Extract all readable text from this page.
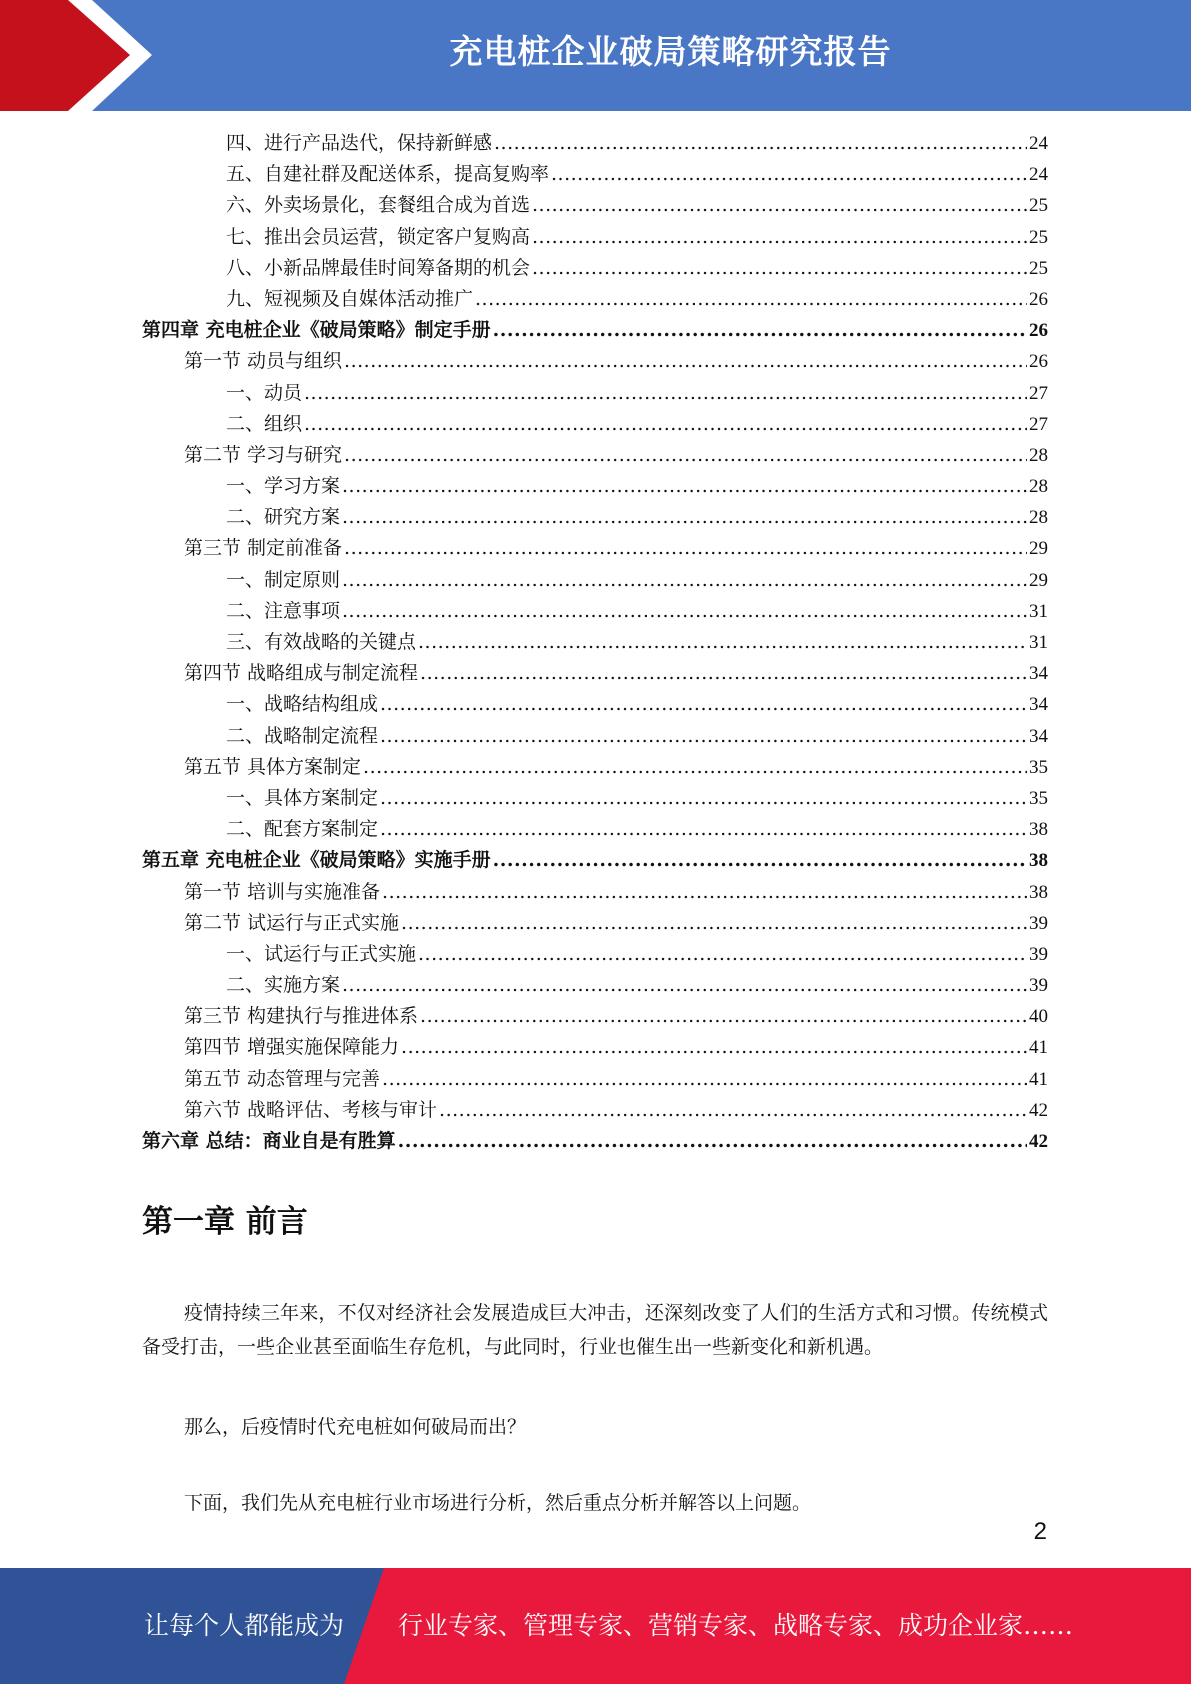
充电桩企业破局策略研究报告
四、进行产品迭代，保持新鲜感 .....	24
五、自建社群及配送体系，提高复购率 .....	24
六、外卖场景化，套餐组合成为首选 .....	25
七、推出会员运营，锁定客户复购高 .....	25
八、小新品牌最佳时间筹备期的机会 .....	25
九、短视频及自媒体活动推广 .....	26
第四章 充电桩企业《破局策略》制定手册 .....	26
第一节 动员与组织 .....	26
一、动员 .....	27
二、组织 .....	27
第二节 学习与研究 .....	28
一、学习方案 .....	28
二、研究方案 .....	28
第三节 制定前准备 .....	29
一、制定原则 .....	29
二、注意事项 .....	31
三、有效战略的关键点 .....	31
第四节 战略组成与制定流程 .....	34
一、战略结构组成 .....	34
二、战略制定流程 .....	34
第五节 具体方案制定 .....	35
一、具体方案制定 .....	35
二、配套方案制定 .....	38
第五章 充电桩企业《破局策略》实施手册 .....	38
第一节 培训与实施准备 .....	38
第二节 试运行与正式实施 .....	39
一、试运行与正式实施 .....	39
二、实施方案 .....	39
第三节 构建执行与推进体系 .....	40
第四节 增强实施保障能力 .....	41
第五节 动态管理与完善 .....	41
第六节 战略评估、考核与审计 .....	42
第六章 总结：商业自是有胜算 .....	42
第一章 前言

疫情持续三年来，不仅对经济社会发展造成巨大冲击，还深刻改变了人们的生活方式和习惯。传统模式备受打击，一些企业甚至面临生存危机，与此同时，行业也催生出一些新变化和新机遇。

那么，后疫情时代充电桩如何破局而出？

下面，我们先从充电桩行业市场进行分析，然后重点分析并解答以上问题。

2
让每个人都能成为 行业专家、管理专家、营销专家、战略专家、成功企业家……
